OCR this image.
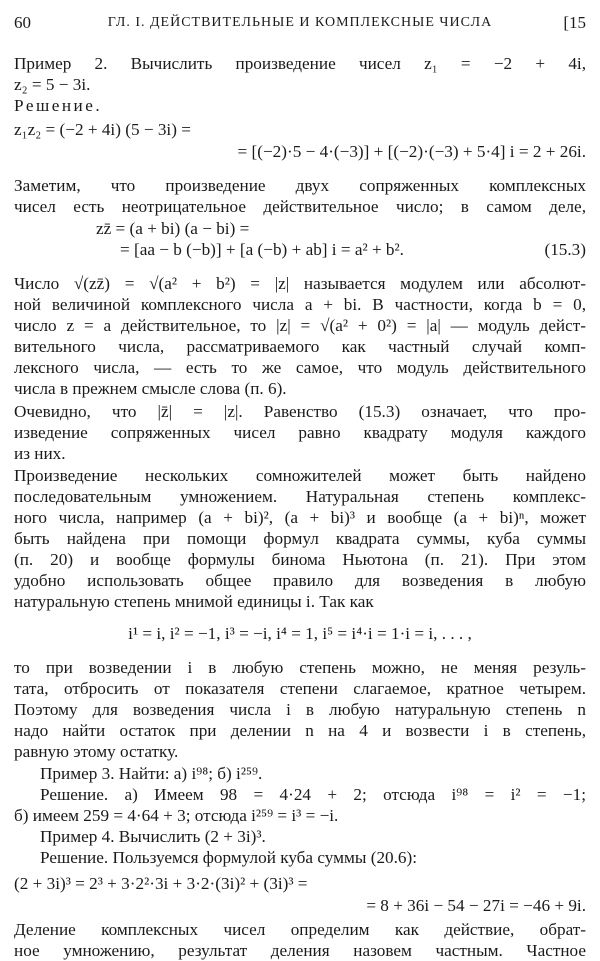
60	ГЛ. I. ДЕЙСТВИТЕЛЬНЫЕ И КОМПЛЕКСНЫЕ ЧИСЛА	[15
Пример 2. Вычислить произведение чисел z₁ = −2 + 4i,
z₂ = 5 − 3i.
Решение.
z₁z₂ = (−2 + 4i) (5 − 3i) =
= [(−2)·5 − 4·(−3)] + [(−2)·(−3) + 5·4] i = 2 + 26i.
Заметим, что произведение двух сопряженных комплексных
чисел есть неотрицательное действительное число; в самом деле,
zz̄ = (a + bi) (a − bi) =
= [aa − b (−b)] + [a (−b) + ab] i = a² + b².	(15.3)
Число √(zz̄) = √(a² + b²) = |z| называется модулем или абсолют-
ной величиной комплексного числа a + bi. В частности, когда b = 0,
число z = a действительное, то |z| = √(a² + 0²) = |a| — модуль дейст-
вительного числа, рассматриваемого как частный случай комп-
лексного числа, — есть то же самое, что модуль действительного
числа в прежнем смысле слова (п. 6).
Очевидно, что |z̄| = |z|. Равенство (15.3) означает, что про-
изведение сопряженных чисел равно квадрату модуля каждого
из них.
Произведение нескольких сомножителей может быть найдено
последовательным умножением. Натуральная степень комплекс-
ного числа, например (a + bi)², (a + bi)³ и вообще (a + bi)ⁿ, может
быть найдена при помощи формул квадрата суммы, куба суммы
(п. 20) и вообще формулы бинома Ньютона (п. 21). При этом
удобно использовать общее правило для возведения в любую
натуральную степень мнимой единицы i. Так как
i¹ = i, i² = −1, i³ = −i, i⁴ = 1, i⁵ = i⁴·i = 1·i = i, . . . ,
то при возведении i в любую степень можно, не меняя резуль-
тата, отбросить от показателя степени слагаемое, кратное четырем.
Поэтому для возведения числа i в любую натуральную степень n
надо найти остаток при делении n на 4 и возвести i в степень,
равную этому остатку.
Пример 3. Найти: а) i⁹⁸; б) i²⁵⁹.
Решение. а) Имеем 98 = 4·24 + 2; отсюда i⁹⁸ = i² = −1;
б) имеем 259 = 4·64 + 3; отсюда i²⁵⁹ = i³ = −i.
Пример 4. Вычислить (2 + 3i)³.
Решение. Пользуемся формулой куба суммы (20.6):
(2 + 3i)³ = 2³ + 3·2²·3i + 3·2·(3i)² + (3i)³ =
= 8 + 36i − 54 − 27i = −46 + 9i.
Деление комплексных чисел определим как действие, обрат-
ное умножению, результат деления назовем частным. Частное
